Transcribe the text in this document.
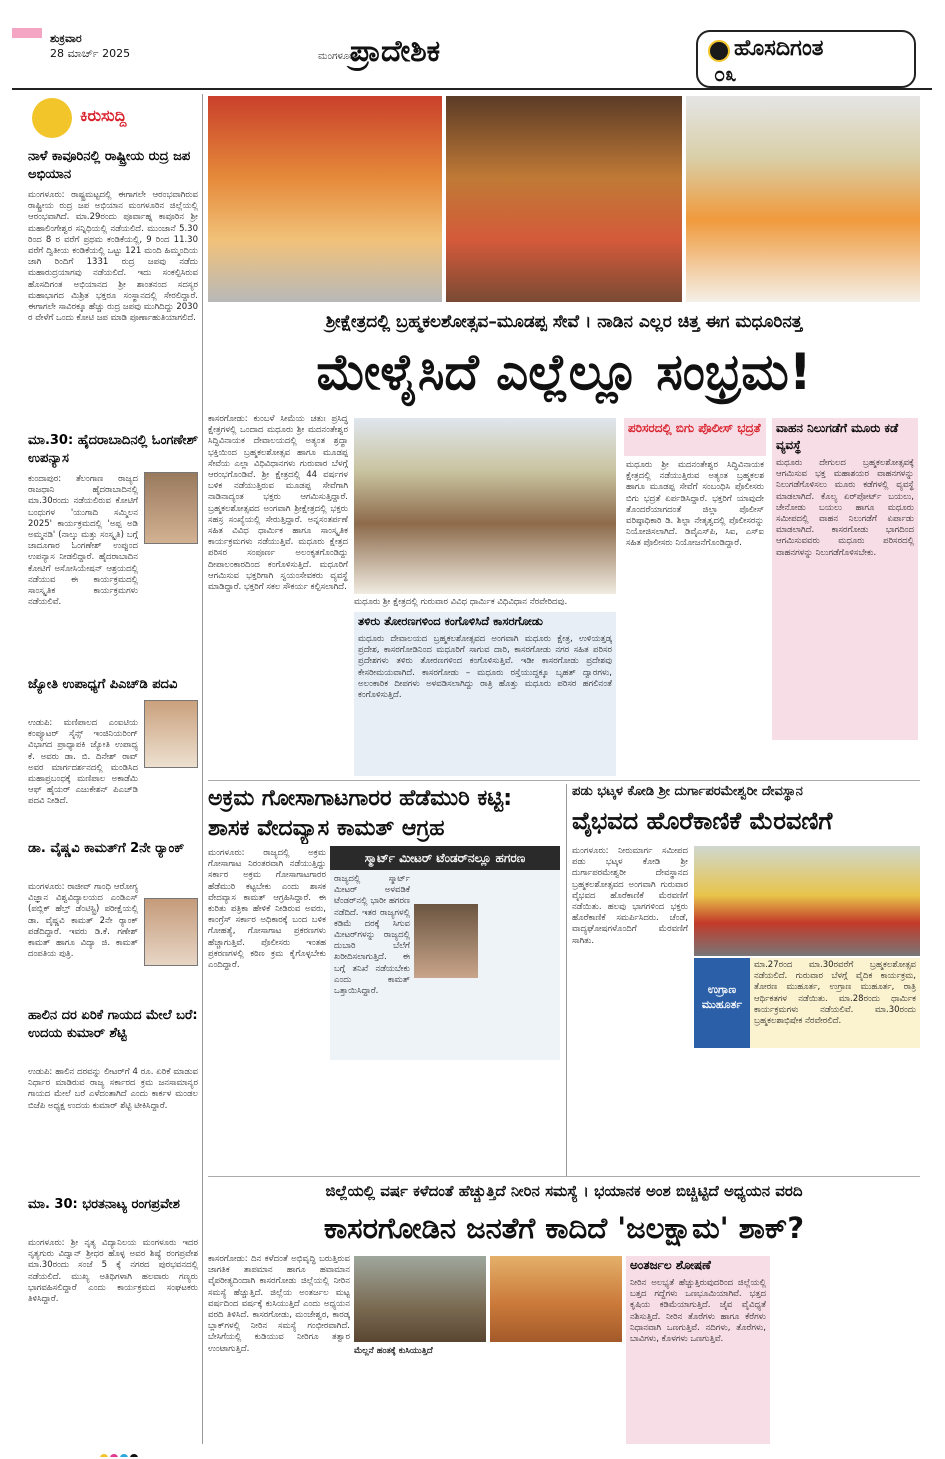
ಶುಕ್ರವಾರ
28 ಮಾರ್ಚ್ 2025	ಮಂಗಳೂರು
ಪ್ರಾದೇಶಿಕ	ಹೊಸದಿಗಂತ
೦೩
ಕಿರುಸುದ್ದಿ
ನಾಳೆ ಕಾವೂರಿನಲ್ಲಿ ರಾಷ್ಟ್ರೀಯ ರುದ್ರ ಜಪ ಅಭಿಯಾನ
ಮಂಗಳೂರು: ರಾಷ್ಟ್ರಮಟ್ಟದಲ್ಲಿ ಈಗಾಗಲೇ ಆರಂಭವಾಗಿರುವ ರಾಷ್ಟ್ರೀಯ ರುದ್ರ ಜಪ ಅಭಿಯಾನ ಮಂಗಳೂರಿನ ಜಿಲ್ಲೆಯಲ್ಲಿ ಆರಂಭವಾಗಿದೆ. ಮಾ.29ರಂದು ಪೂರ್ವಾಹ್ನ ಕಾವೂರಿನ ಶ್ರೀ ಮಹಾಲಿಂಗೇಶ್ವರ ಸನ್ನಿಧಿಯಲ್ಲಿ ನಡೆಯಲಿದೆ. ಮುಂಜಾನೆ 5.30 ರಿಂದ 8 ರ ವರೆಗೆ ಪ್ರಥಮ ಕಂಡಿಕೆಯಲ್ಲಿ, 9 ರಿಂದ 11.30 ವರೆಗೆ ದ್ವಿತೀಯ ಕಂಡಿಕೆಯಲ್ಲಿ ಒಟ್ಟು 121 ಮಂದಿ ಹಿಮ್ಮಂದಿಯ ಜಾಗಿ ರಿಂದಿಗೆ 1331 ರುದ್ರ ಜಪವು ನಡೆದು ಮಹಾರುದ್ರಯಾಗವು ನಡೆಯಲಿದೆ. ಇದು ಸಂಕಲ್ಪಿಸಿರುವ ಹೊಸದಿಗಂತ ಅಭಿಯಾನದ ಶ್ರೀ ಶಾಂತನಂದ ಸದಸ್ಯರ ಮಹಾಭಾಗದ ಮಿಶ್ರಿತ ಭಕ್ತರೂ ಸಂಸ್ಥಾನದಲ್ಲಿ ಸೇರಲಿದ್ದಾರೆ. ಈಗಾಗಲೇ ಸಾವಿರಕ್ಕೂ ಹೆಚ್ಚು ರುದ್ರ ಜಪವು ಮುಗಿದಿದ್ದು 2030 ರ ವೇಳೆಗೆ ಒಂದು ಕೋಟಿ ಜಪ ಮಾಡಿ ಪೂರ್ಣಾಹುತಿಯಾಗಲಿದೆ.
ಮಾ.30: ಹೈದರಾಬಾದಿನಲ್ಲಿ ಓಂಗಣೇಶ್ ಉಪನ್ಯಾಸ
ಕುಂದಾಪುರ: ತೆಲಂಗಾಣ ರಾಜ್ಯದ ರಾಜಧಾನಿ ಹೈದರಾಬಾದಿನಲ್ಲಿ ಮಾ.30ರಂದು ನಡೆಯಲಿರುವ ಕೋಟಿಗೆ ಬಂಧುಗಳ 'ಯುಗಾದಿ ಸಮ್ಮಿಲನ 2025' ಕಾರ್ಯಕ್ರಮದಲ್ಲಿ 'ಅಪ್ಪ ಅಡಿ ಅಮ್ಮನಡಿ' (ನಾಲ್ಕು ಮತ್ತು ಸಂಸ್ಕೃತಿ) ಬಗ್ಗೆ ಜಾದೂಗಾರ ಓಂಗಣೇಶ್ ಉಪ್ಪುಂದ ಉಪನ್ಯಾಸ ನೀಡಲಿದ್ದಾರೆ. ಹೈದರಾಬಾದಿನ ಕೋಟಿಗೆ ಅಸೋಸಿಯೇಷನ್ ಆಶ್ರಯದಲ್ಲಿ ನಡೆಯುವ ಈ ಕಾರ್ಯಕ್ರಮದಲ್ಲಿ ಸಾಂಸ್ಕೃತಿಕ ಕಾರ್ಯಕ್ರಮಗಳು ನಡೆಯಲಿವೆ.
ಜ್ಯೋತಿ ಉಪಾಧ್ಯಗೆ ಪಿಎಚ್‌ಡಿ ಪದವಿ
ಉಡುಪಿ: ಮಣಿಪಾಲದ ಎಂಐಟಿಯ ಕಂಪ್ಯೂಟರ್ ಸೈನ್ಸ್ ಇಂಜಿನಿಯರಿಂಗ್ ವಿಭಾಗದ ಪ್ರಾಧ್ಯಾಪಕಿ ಜ್ಯೋತಿ ಉಪಾಧ್ಯ ಕೆ. ಅವರು ಡಾ. ಬಿ. ದಿನೇಶ್ ರಾವ್ ಅವರ ಮಾರ್ಗದರ್ಶನದಲ್ಲಿ ಮಂಡಿಸಿದ ಮಹಾಪ್ರಬಂಧಕ್ಕೆ ಮಣಿಪಾಲ ಅಕಾಡೆಮಿ ಆಫ್ ಹೈಯರ್ ಎಜುಕೇಶನ್ ಪಿಎಚ್‌ಡಿ ಪದವಿ ನೀಡಿದೆ.
ಡಾ. ವೈಷ್ಣವಿ ಕಾಮತ್‌ಗೆ 2ನೇ ರ‍್ಯಾಂಕ್
ಮಂಗಳೂರು: ರಾಜೀವ್ ಗಾಂಧಿ ಆರೋಗ್ಯ ವಿಜ್ಞಾನ ವಿಶ್ವವಿದ್ಯಾಲಯದ ಎಂಡಿಎಸ್ (ಪಬ್ಲಿಕ್ ಹೆಲ್ತ್ ಡೆಂಟಿಸ್ಟ್ರಿ) ಪರೀಕ್ಷೆಯಲ್ಲಿ ಡಾ. ವೈಷ್ಣವಿ ಕಾಮತ್ 2ನೇ ರ‍್ಯಾಂಕ್ ಪಡೆದಿದ್ದಾರೆ. ಇವರು ಡಿ.ಕೆ. ಗಣೇಶ್ ಕಾಮತ್ ಹಾಗೂ ವಿದ್ಯಾ ಜಿ. ಕಾಮತ್ ದಂಪತಿಯ ಪುತ್ರಿ.
ಹಾಲಿನ ದರ ಏರಿಕೆ ಗಾಯದ ಮೇಲೆ ಬರೆ: ಉದಯ ಕುಮಾರ್ ಶೆಟ್ಟಿ
ಉಡುಪಿ: ಹಾಲಿನ ದರವನ್ನು ಲೀಟರ್‌ಗೆ 4 ರೂ. ಏರಿಕೆ ಮಾಡುವ ನಿರ್ಧಾರ ಮಾಡಿರುವ ರಾಜ್ಯ ಸರ್ಕಾರದ ಕ್ರಮ ಜನಸಾಮಾನ್ಯರ ಗಾಯದ ಮೇಲೆ ಬರೆ ಎಳೆದಂತಾಗಿದೆ ಎಂದು ಕಾರ್ಕಳ ಮಂಡಲ ಬಿಜೆಪಿ ಅಧ್ಯಕ್ಷ ಉದಯ ಕುಮಾರ್ ಶೆಟ್ಟಿ ಟೀಕಿಸಿದ್ದಾರೆ.
ಮಾ. 30: ಭರತನಾಟ್ಯ ರಂಗಪ್ರವೇಶ
ಮಂಗಳೂರು: ಶ್ರೀ ನೃತ್ಯ ವಿದ್ಯಾನಿಲಯ ಮಂಗಳೂರು ಇದರ ನೃತ್ಯಗುರು ವಿದ್ವಾನ್ ಶ್ರೀಧರ ಹೊಳ್ಳ ಅವರ ಶಿಷ್ಯೆ ರಂಗಪ್ರವೇಶ ಮಾ.30ರಂದು ಸಂಜೆ 5 ಕ್ಕೆ ನಗರದ ಪುರಭವನದಲ್ಲಿ ನಡೆಯಲಿದೆ. ಮುಖ್ಯ ಅತಿಥಿಗಳಾಗಿ ಹಲವಾರು ಗಣ್ಯರು ಭಾಗವಹಿಸಲಿದ್ದಾರೆ ಎಂದು ಕಾರ್ಯಕ್ರಮದ ಸಂಘಟಕರು ತಿಳಿಸಿದ್ದಾರೆ.
ಶ್ರೀಕ್ಷೇತ್ರದಲ್ಲಿ ಬ್ರಹ್ಮಕಲಶೋತ್ಸವ–ಮೂಡಪ್ಪ ಸೇವೆ । ನಾಡಿನ ಎಲ್ಲರ ಚಿತ್ತ ಈಗ ಮಧೂರಿನತ್ತ
ಮೇಳೈಸಿದೆ ಎಲ್ಲೆಲ್ಲೂ ಸಂಭ್ರಮ!
ಕಾಸರಗೋಡು: ಕುಂಬಳೆ ಸೀಮೆಯ ಚತುಃ ಪ್ರಸಿದ್ಧ ಕ್ಷೇತ್ರಗಳಲ್ಲಿ ಒಂದಾದ ಮಧೂರು ಶ್ರೀ ಮದನಂತೇಶ್ವರ ಸಿದ್ಧಿವಿನಾಯಕ ದೇವಾಲಯದಲ್ಲಿ ಅತ್ಯಂತ ಶ್ರದ್ಧಾ ಭಕ್ತಿಯಿಂದ ಬ್ರಹ್ಮಕಲಶೋತ್ಸವ ಹಾಗೂ ಮೂಡಪ್ಪ ಸೇವೆಯ ಎಲ್ಲಾ ವಿಧಿವಿಧಾನಗಳು ಗುರುವಾರ ಬೆಳಗ್ಗೆ ಆರಂಭಗೊಂಡಿವೆ. ಶ್ರೀ ಕ್ಷೇತ್ರದಲ್ಲಿ 44 ವರ್ಷಗಳ ಬಳಿಕ ನಡೆಯುತ್ತಿರುವ ಮೂಡಪ್ಪ ಸೇವೆಗಾಗಿ ನಾಡಿನಾದ್ಯಂತ ಭಕ್ತರು ಆಗಮಿಸುತ್ತಿದ್ದಾರೆ. ಬ್ರಹ್ಮಕಲಶೋತ್ಸವದ ಅಂಗವಾಗಿ ಶ್ರೀಕ್ಷೇತ್ರದಲ್ಲಿ ಭಕ್ತರು ಸಹಸ್ರ ಸಂಖ್ಯೆಯಲ್ಲಿ ಸೇರುತ್ತಿದ್ದಾರೆ. ಅನ್ನಸಂತರ್ಪಣೆ ಸಹಿತ ವಿವಿಧ ಧಾರ್ಮಿಕ ಹಾಗೂ ಸಾಂಸ್ಕೃತಿಕ ಕಾರ್ಯಕ್ರಮಗಳು ನಡೆಯುತ್ತಿವೆ. ಮಧೂರು ಕ್ಷೇತ್ರದ ಪರಿಸರ ಸಂಪೂರ್ಣ ಅಲಂಕೃತಗೊಂಡಿದ್ದು ದೀಪಾಲಂಕಾರದಿಂದ ಕಂಗೊಳಿಸುತ್ತಿದೆ. ಮಧೂರಿಗೆ ಆಗಮಿಸುವ ಭಕ್ತರಿಗಾಗಿ ಸ್ವಯಂಸೇವಕರು ವ್ಯವಸ್ಥೆ ಮಾಡಿದ್ದಾರೆ. ಭಕ್ತರಿಗೆ ಸಕಲ ಸೌಕರ್ಯ ಕಲ್ಪಿಸಲಾಗಿದೆ.
ಮಧೂರು ಶ್ರೀ ಕ್ಷೇತ್ರದಲ್ಲಿ ಗುರುವಾರ ವಿವಿಧ ಧಾರ್ಮಿಕ ವಿಧಿವಿಧಾನ ನೆರವೇರಿದವು.
ತಳಿರು ತೋರಣಗಳಿಂದ ಕಂಗೊಳಿಸಿದೆ ಕಾಸರಗೋಡು
ಮಧೂರು ದೇವಾಲಯದ ಬ್ರಹ್ಮಕಲಶೋತ್ಸವದ ಅಂಗವಾಗಿ ಮಧೂರು ಕ್ಷೇತ್ರ, ಉಳಿಯತ್ತಡ್ಕ ಪ್ರದೇಶ, ಕಾಸರಗೋಡಿನಿಂದ ಮಧೂರಿಗೆ ಸಾಗುವ ದಾರಿ, ಕಾಸರಗೋಡು ನಗರ ಸಹಿತ ಪರಿಸರ ಪ್ರದೇಶಗಳು ತಳಿರು ತೋರಣಗಳಿಂದ ಕಂಗೊಳಿಸುತ್ತಿವೆ. ಇಡೀ ಕಾಸರಗೋಡು ಪ್ರದೇಶವು ಕೇಸರೀಮಯವಾಗಿದೆ. ಕಾಸರಗೋಡು – ಮಧೂರು ರಸ್ತೆಯುದ್ದಕ್ಕೂ ಬೃಹತ್ ದ್ವಾರಗಳು, ಅಲಂಕಾರಿಕ ದೀಪಗಳು ಅಳವಡಿಸಲಾಗಿದ್ದು ರಾತ್ರಿ ಹೊತ್ತು ಮಧೂರು ಪರಿಸರ ಹಗಲಿನಂತೆ ಕಂಗೊಳಿಸುತ್ತಿದೆ.
ಪರಿಸರದಲ್ಲಿ ಬಿಗು ಪೊಲೀಸ್ ಭದ್ರತೆ
ಮಧೂರು ಶ್ರೀ ಮದನಂತೇಶ್ವರ ಸಿದ್ಧಿವಿನಾಯಕ ಕ್ಷೇತ್ರದಲ್ಲಿ ನಡೆಯುತ್ತಿರುವ ಅತ್ಯಂತ ಬ್ರಹ್ಮಕಲಶ ಹಾಗೂ ಮೂಡಪ್ಪ ಸೇವೆಗೆ ಸಂಬಂಧಿಸಿ ಪೊಲೀಸರು ಬಿಗು ಭದ್ರತೆ ಏರ್ಪಡಿಸಿದ್ದಾರೆ. ಭಕ್ತರಿಗೆ ಯಾವುದೇ ತೊಂದರೆಯಾಗದಂತೆ ಜಿಲ್ಲಾ ಪೊಲೀಸ್ ವರಿಷ್ಠಾಧಿಕಾರಿ ಡಿ. ಶಿಲ್ಪಾ ನೇತೃತ್ವದಲ್ಲಿ ಪೊಲೀಸರನ್ನು ನಿಯೋಜಿಸಲಾಗಿದೆ. ಡಿವೈಎಸ್‌ಪಿ, ಸಿಐ, ಎಸ್‌ಐ ಸಹಿತ ಪೊಲೀಸರು ನಿಯೋಜನೆಗೊಂಡಿದ್ದಾರೆ.
ವಾಹನ ನಿಲುಗಡೆಗೆ ಮೂರು ಕಡೆ ವ್ಯವಸ್ಥೆ
ಮಧೂರು ದೇಗುಲದ ಬ್ರಹ್ಮಕಲಶೋತ್ಸವಕ್ಕೆ ಆಗಮಿಸುವ ಭಕ್ತ ಮಹಾಶಯರ ವಾಹನಗಳನ್ನು ನಿಲುಗಡೆಗೊಳಿಸಲು ಮೂರು ಕಡೆಗಳಲ್ಲಿ ವ್ಯವಸ್ಥೆ ಮಾಡಲಾಗಿದೆ. ಕೊಲ್ಯ ಏರ್‌ಪೋರ್ಟ್ ಬಯಲು, ಚೇನೋಡು ಬಯಲು ಹಾಗೂ ಮಧೂರು ಸಮೀಪದಲ್ಲಿ ವಾಹನ ನಿಲುಗಡೆಗೆ ಏರ್ಪಾಡು ಮಾಡಲಾಗಿದೆ. ಕಾಸರಗೋಡು ಭಾಗದಿಂದ ಆಗಮಿಸುವವರು ಮಧೂರು ಪರಿಸರದಲ್ಲಿ ವಾಹನಗಳನ್ನು ನಿಲುಗಡೆಗೊಳಿಸಬೇಕು.
ಅಕ್ರಮ ಗೋಸಾಗಾಟಗಾರರ ಹೆಡೆಮುರಿ ಕಟ್ಟಿ: ಶಾಸಕ ವೇದವ್ಯಾಸ ಕಾಮತ್ ಆಗ್ರಹ
ಮಂಗಳೂರು: ರಾಜ್ಯದಲ್ಲಿ ಅಕ್ರಮ ಗೋಸಾಗಾಟ ನಿರಂತರವಾಗಿ ನಡೆಯುತ್ತಿದ್ದು ಸರ್ಕಾರ ಅಕ್ರಮ ಗೋಸಾಗಾಟಗಾರರ ಹೆಡೆಮುರಿ ಕಟ್ಟಬೇಕು ಎಂದು ಶಾಸಕ ವೇದವ್ಯಾಸ ಕಾಮತ್ ಆಗ್ರಹಿಸಿದ್ದಾರೆ. ಈ ಕುರಿತು ಪತ್ರಿಕಾ ಹೇಳಿಕೆ ನೀಡಿರುವ ಅವರು, ಕಾಂಗ್ರೆಸ್ ಸರ್ಕಾರ ಅಧಿಕಾರಕ್ಕೆ ಬಂದ ಬಳಿಕ ಗೋಹತ್ಯೆ, ಗೋಸಾಗಾಟ ಪ್ರಕರಣಗಳು ಹೆಚ್ಚಾಗುತ್ತಿವೆ. ಪೊಲೀಸರು ಇಂತಹ ಪ್ರಕರಣಗಳಲ್ಲಿ ಕಠಿಣ ಕ್ರಮ ಕೈಗೊಳ್ಳಬೇಕು ಎಂದಿದ್ದಾರೆ.
ಸ್ಮಾರ್ಟ್ ಮೀಟರ್ ಟೆಂಡರ್‌ನಲ್ಲೂ ಹಗರಣ
ರಾಜ್ಯದಲ್ಲಿ ಸ್ಮಾರ್ಟ್ ಮೀಟರ್ ಅಳವಡಿಕೆ ಟೆಂಡರ್‌ನಲ್ಲಿ ಭಾರೀ ಹಗರಣ ನಡೆದಿದೆ. ಇತರ ರಾಜ್ಯಗಳಲ್ಲಿ ಕಡಿಮೆ ದರಕ್ಕೆ ಸಿಗುವ ಮೀಟರ್‌ಗಳನ್ನು ರಾಜ್ಯದಲ್ಲಿ ದುಬಾರಿ ಬೆಲೆಗೆ ಖರೀದಿಸಲಾಗುತ್ತಿದೆ. ಈ ಬಗ್ಗೆ ತನಿಖೆ ನಡೆಯಬೇಕು ಎಂದು ಕಾಮತ್ ಒತ್ತಾಯಿಸಿದ್ದಾರೆ.
ಪಡು ಭಟ್ಕಳ ಕೋಡಿ ಶ್ರೀ ದುರ್ಗಾಪರಮೇಶ್ವರೀ ದೇವಸ್ಥಾನ
ವೈಭವದ ಹೊರೆಕಾಣಿಕೆ ಮೆರವಣಿಗೆ
ಮಂಗಳೂರು: ನೀರುಮಾರ್ಗ ಸಮೀಪದ ಪಡು ಭಟ್ಕಳ ಕೋಡಿ ಶ್ರೀ ದುರ್ಗಾಪರಮೇಶ್ವರೀ ದೇವಸ್ಥಾನದ ಬ್ರಹ್ಮಕಲಶೋತ್ಸವದ ಅಂಗವಾಗಿ ಗುರುವಾರ ವೈಭವದ ಹೊರೆಕಾಣಿಕೆ ಮೆರವಣಿಗೆ ನಡೆಯಿತು. ಹಲವು ಭಾಗಗಳಿಂದ ಭಕ್ತರು ಹೊರೆಕಾಣಿಕೆ ಸಮರ್ಪಿಸಿದರು. ಚೆಂಡೆ, ವಾದ್ಯಘೋಷಗಳೊಂದಿಗೆ ಮೆರವಣಿಗೆ ಸಾಗಿತು.
ಉಗ್ರಾಣ ಮುಹೂರ್ತ
ಮಾ.27ರಂದ ಮಾ.30ರವರೆಗೆ ಬ್ರಹ್ಮಕಲಶೋತ್ಸವ ನಡೆಯಲಿದೆ. ಗುರುವಾರ ಬೆಳಗ್ಗೆ ವೈದಿಕ ಕಾರ್ಯಕ್ರಮ, ತೋರಣ ಮುಹೂರ್ತ, ಉಗ್ರಾಣ ಮುಹೂರ್ತ, ರಾತ್ರಿ ಆರ್ಥಿಕತಗಳ ನಡೆಯಿತು. ಮಾ.28ರಂದು ಧಾರ್ಮಿಕ ಕಾರ್ಯಕ್ರಮಗಳು ನಡೆಯಲಿವೆ. ಮಾ.30ರಂದು ಬ್ರಹ್ಮಕಲಶಾಭಿಷೇಕ ನೆರವೇರಲಿದೆ.
ಜಿಲ್ಲೆಯಲ್ಲಿ ವರ್ಷ ಕಳೆದಂತೆ ಹೆಚ್ಚುತ್ತಿದೆ ನೀರಿನ ಸಮಸ್ಯೆ । ಭಯಾನಕ ಅಂಶ ಬಿಚ್ಚಿಟ್ಟಿದೆ ಅಧ್ಯಯನ ವರದಿ
ಕಾಸರಗೋಡಿನ ಜನತೆಗೆ ಕಾದಿದೆ 'ಜಲಕ್ಷಾಮ' ಶಾಕ್?
ಕಾಸರಗೋಡು: ದಿನ ಕಳೆದಂತೆ ಅಭಿವೃದ್ಧಿ ಬರುತ್ತಿರುವ ಜಾಗತಿಕ ತಾಪಮಾನ ಹಾಗೂ ಹವಾಮಾನ ವೈಪರೀತ್ಯದಿಂದಾಗಿ ಕಾಸರಗೋಡು ಜಿಲ್ಲೆಯಲ್ಲಿ ನೀರಿನ ಸಮಸ್ಯೆ ಹೆಚ್ಚುತ್ತಿದೆ. ಜಿಲ್ಲೆಯ ಅಂತರ್ಜಲ ಮಟ್ಟ ವರ್ಷದಿಂದ ವರ್ಷಕ್ಕೆ ಕುಸಿಯುತ್ತಿದೆ ಎಂದು ಅಧ್ಯಯನ ವರದಿ ತಿಳಿಸಿದೆ. ಕಾಸರಗೋಡು, ಮಂಜೇಶ್ವರ, ಕಾರಡ್ಕ ಬ್ಲಾಕ್‌ಗಳಲ್ಲಿ ನೀರಿನ ಸಮಸ್ಯೆ ಗಂಭೀರವಾಗಿದೆ. ಬೇಸಿಗೆಯಲ್ಲಿ ಕುಡಿಯುವ ನೀರಿಗೂ ತತ್ವಾರ ಉಂಟಾಗುತ್ತಿದೆ.	ಮೆಲ್ಲನೆ ಹಂತಕ್ಕೆ ಕುಸಿಯುತ್ತಿದೆ
ಅಂತರ್ಜಲ ಶೋಷಣೆ
ನೀರಿನ ಅಲಭ್ಯತೆ ಹೆಚ್ಚುತ್ತಿರುವುದರಿಂದ ಜಿಲ್ಲೆಯಲ್ಲಿ ಬತ್ತದ ಗದ್ದೆಗಳು ಒಣಭೂಮಿಯಾಗಿವೆ. ಭತ್ತದ ಕೃಷಿಯ ಕಡಿಮೆಯಾಗುತ್ತಿದೆ. ಜೈವ ವೈವಿಧ್ಯತೆ ನಶಿಸುತ್ತಿದೆ. ನೀರಿನ ತೊರೆಗಳು ಹಾಗೂ ಕೆರೆಗಳು ನಿಧಾನವಾಗಿ ಒಣಗುತ್ತಿವೆ. ನದಿಗಳು, ತೊರೆಗಳು, ಬಾವಿಗಳು, ಕೊಳಗಳು ಒಣಗುತ್ತಿವೆ.
